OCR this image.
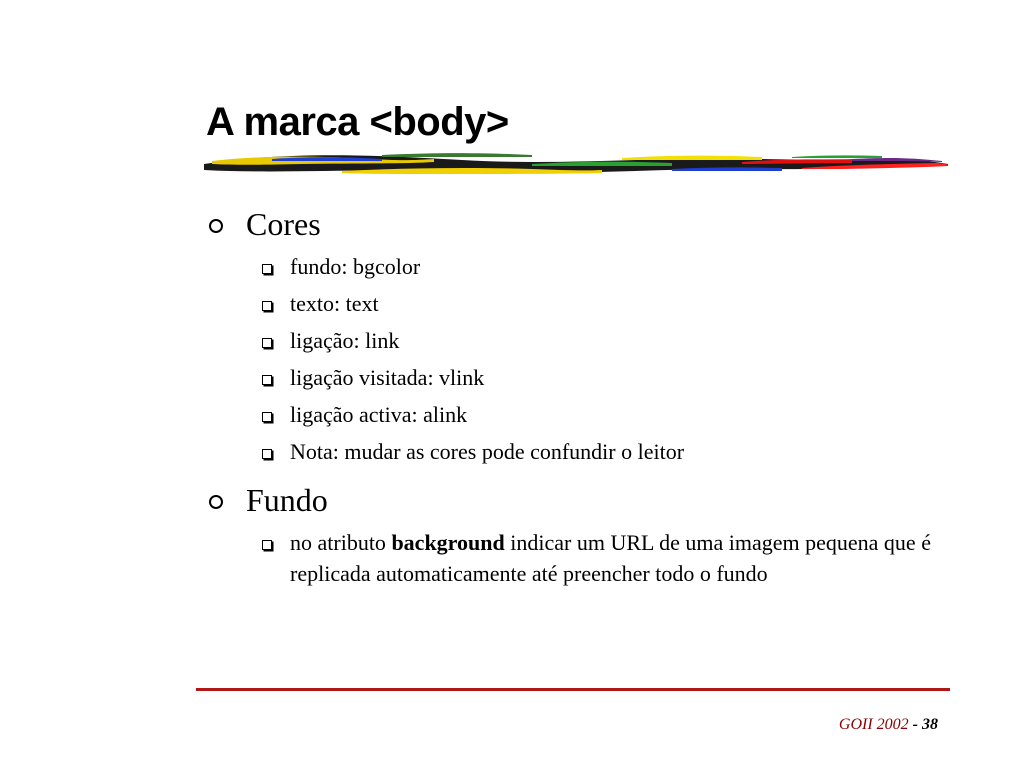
A marca <body>
Cores
fundo: bgcolor
texto: text
ligação: link
ligação visitada: vlink
ligação activa: alink
Nota: mudar as cores pode confundir o leitor
Fundo
no atributo background indicar um URL de uma imagem pequena que é replicada automaticamente até preencher todo o fundo
GOII 2002 - 38
